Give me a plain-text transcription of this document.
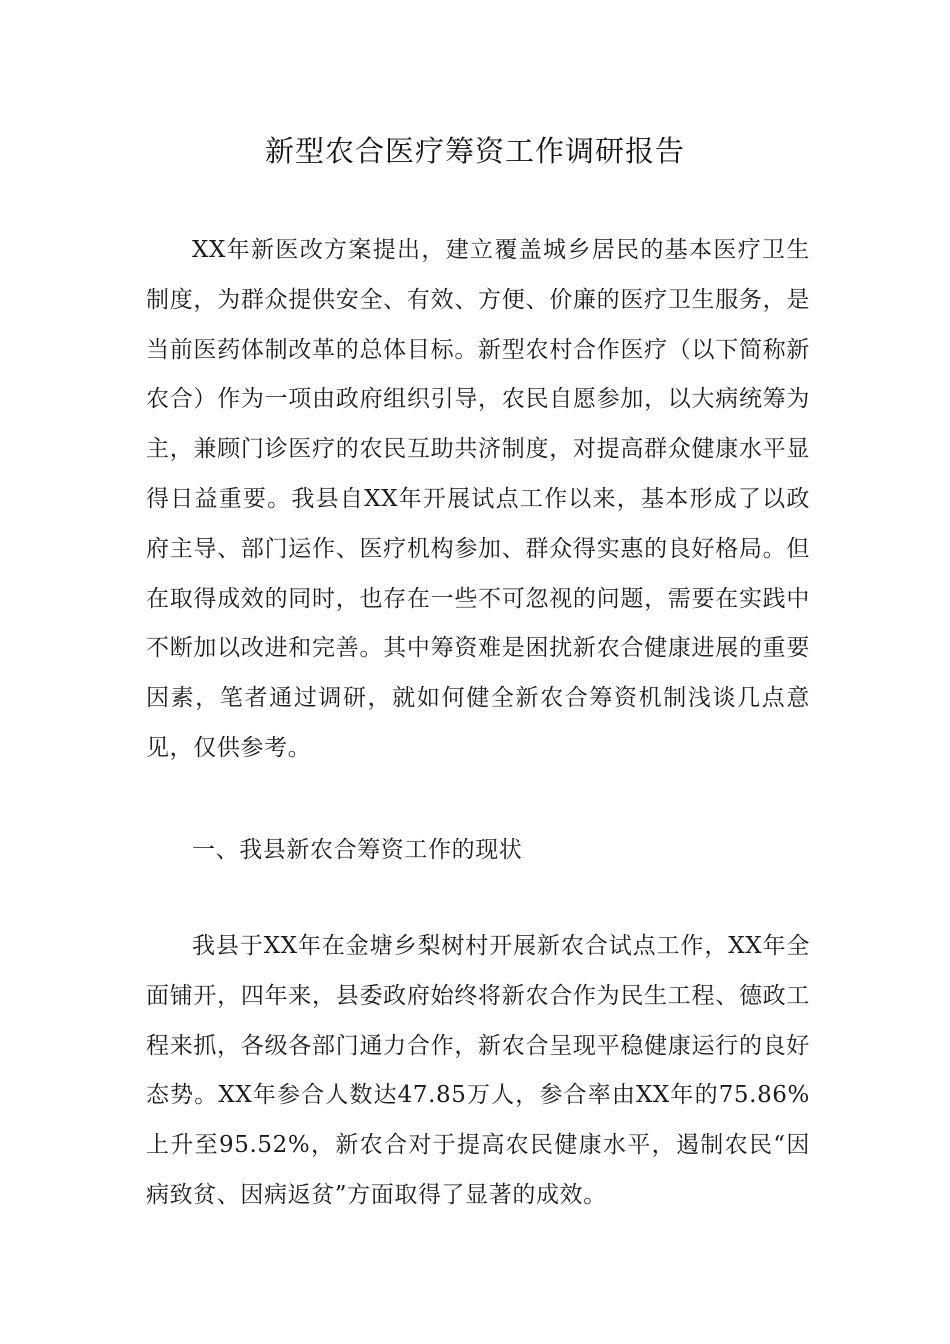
新型农合医疗筹资工作调研报告

XX年新医改方案提出，建立覆盖城乡居民的基本医疗卫生制度，为群众提供安全、有效、方便、价廉的医疗卫生服务，是当前医药体制改革的总体目标。新型农村合作医疗（以下简称新农合）作为一项由政府组织引导，农民自愿参加，以大病统筹为主，兼顾门诊医疗的农民互助共济制度，对提高群众健康水平显得日益重要。我县自XX年开展试点工作以来，基本形成了以政府主导、部门运作、医疗机构参加、群众得实惠的良好格局。但在取得成效的同时，也存在一些不可忽视的问题，需要在实践中不断加以改进和完善。其中筹资难是困扰新农合健康进展的重要因素，笔者通过调研，就如何健全新农合筹资机制浅谈几点意见，仅供参考。

一、我县新农合筹资工作的现状

我县于XX年在金塘乡梨树村开展新农合试点工作，XX年全面铺开，四年来，县委政府始终将新农合作为民生工程、德政工程来抓，各级各部门通力合作，新农合呈现平稳健康运行的良好态势。XX年参合人数达47.85万人，参合率由XX年的75.86%上升至95.52%，新农合对于提高农民健康水平，遏制农民“因病致贫、因病返贫”方面取得了显著的成效。
